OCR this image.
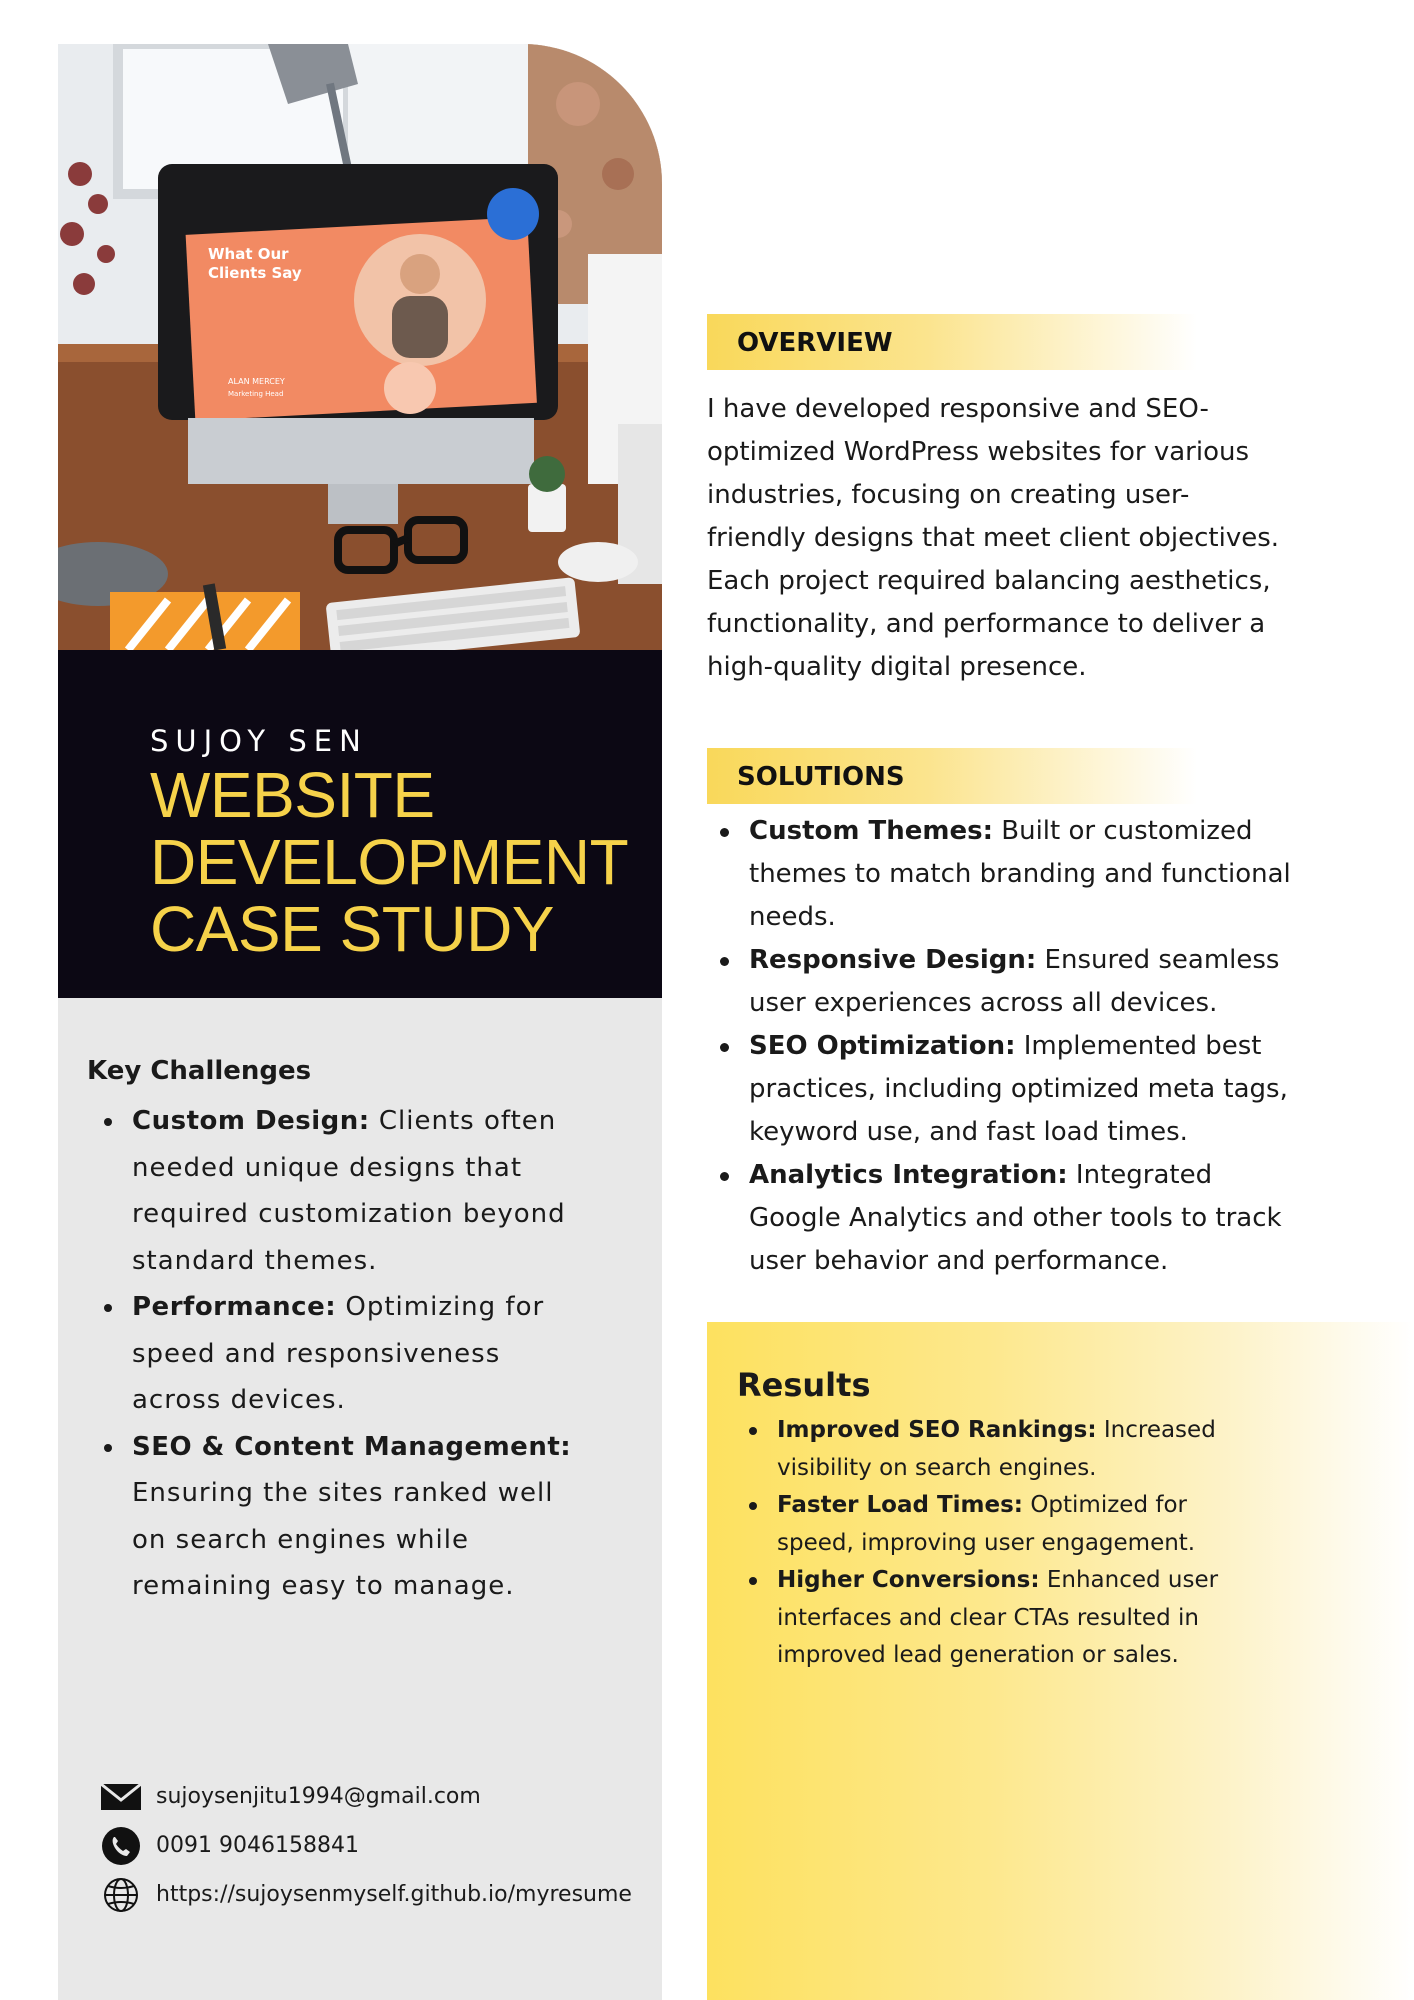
What Our Clients Say
ALAN MERCEY
Marketing Head
SUJOY SEN
WEBSITE
DEVELOPMENT
CASE STUDY
Key Challenges
Custom Design: Clients often needed unique designs that required customization beyond standard themes.
Performance: Optimizing for speed and responsiveness across devices.
SEO & Content Management: Ensuring the sites ranked well on search engines while remaining easy to manage.
sujoysenjitu1994@gmail.com
0091 9046158841
https://sujoysenmyself.github.io/myresume
OVERVIEW

I have developed responsive and SEO-optimized WordPress websites for various industries, focusing on creating user-friendly designs that meet client objectives. Each project required balancing aesthetics, functionality, and performance to deliver a high-quality digital presence.

SOLUTIONS
Custom Themes: Built or customized themes to match branding and functional needs.
Responsive Design: Ensured seamless user experiences across all devices.
SEO Optimization: Implemented best practices, including optimized meta tags, keyword use, and fast load times.
Analytics Integration: Integrated Google Analytics and other tools to track user behavior and performance.
Results
Improved SEO Rankings: Increased visibility on search engines.
Faster Load Times: Optimized for speed, improving user engagement.
Higher Conversions: Enhanced user interfaces and clear CTAs resulted in improved lead generation or sales.
